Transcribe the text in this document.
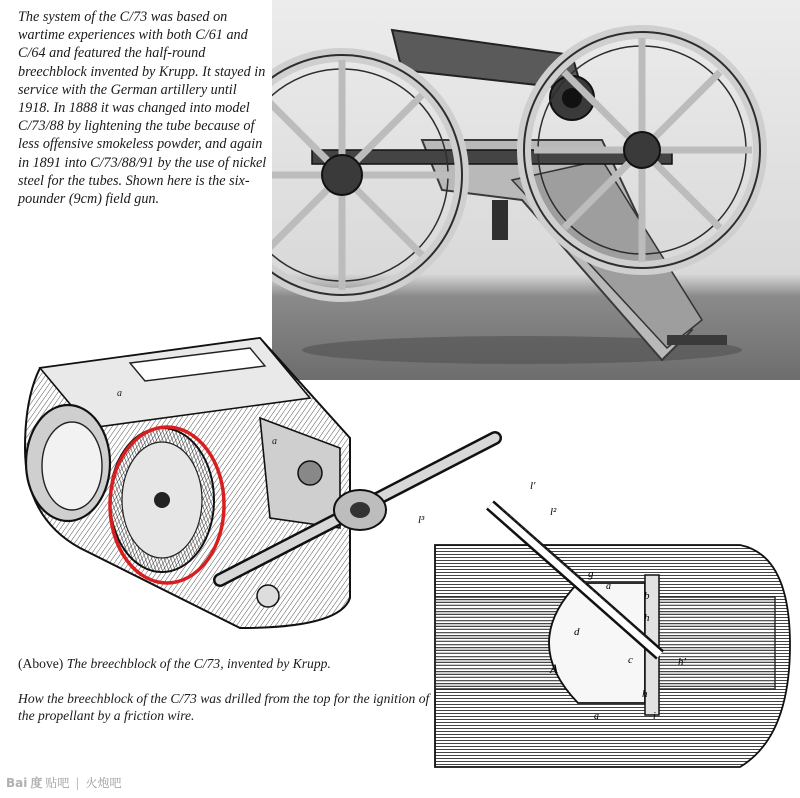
The system of the C/73 was based on wartime experiences with both C/61 and C/64 and featured the half-round breechblock invented by Krupp. It stayed in service with the German artillery until 1918. In 1888 it was changed into model C/73/88 by lightening the tube because of less offensive smokeless powder, and again in 1891 into C/73/88/91 by the use of nickel steel for the tubes. Shown here is the six-pounder (9cm) field gun.
a
a
l'
l²
l³
g
a
b
h
d
c	h'
A
h
a	i
(Above) The breechblock of the C/73, invented by Krupp.
How the breechblock of the C/73 was drilled from the top for the ignition of the propellant by a friction wire.
Bai 度 贴吧 | 火炮吧
